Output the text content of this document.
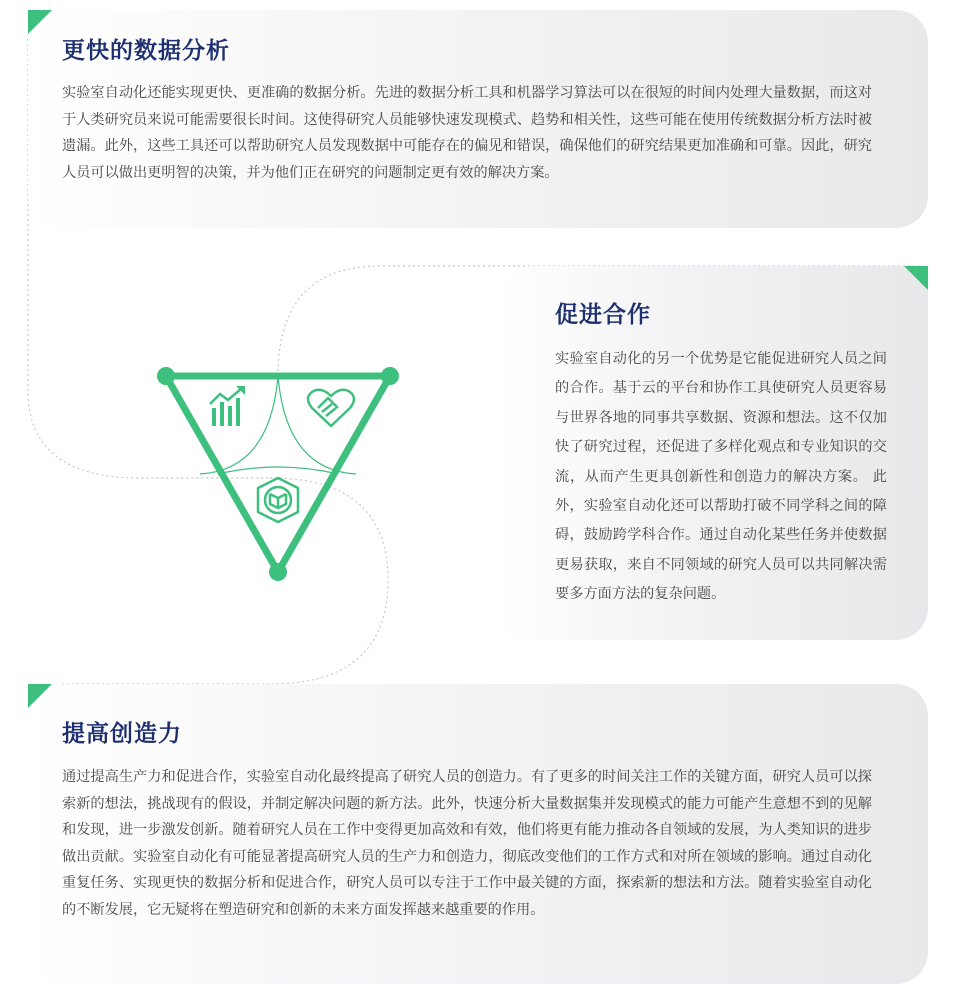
更快的数据分析

实验室自动化还能实现更快、更准确的数据分析。先进的数据分析工具和机器学习算法可以在很短的时间内处理大量数据，而这对于人类研究员来说可能需要很长时间。这使得研究人员能够快速发现模式、趋势和相关性，这些可能在使用传统数据分析方法时被遗漏。此外，这些工具还可以帮助研究人员发现数据中可能存在的偏见和错误，确保他们的研究结果更加准确和可靠。因此，研究人员可以做出更明智的决策，并为他们正在研究的问题制定更有效的解决方案。

促进合作

实验室自动化的另一个优势是它能促进研究人员之间的合作。基于云的平台和协作工具使研究人员更容易与世界各地的同事共享数据、资源和想法。这不仅加快了研究过程，还促进了多样化观点和专业知识的交流，从而产生更具创新性和创造力的解决方案。 此外，实验室自动化还可以帮助打破不同学科之间的障碍，鼓励跨学科合作。通过自动化某些任务并使数据更易获取，来自不同领域的研究人员可以共同解决需要多方面方法的复杂问题。

提高创造力

通过提高生产力和促进合作，实验室自动化最终提高了研究人员的创造力。有了更多的时间关注工作的关键方面，研究人员可以探索新的想法，挑战现有的假设，并制定解决问题的新方法。此外，快速分析大量数据集并发现模式的能力可能产生意想不到的见解和发现，进一步激发创新。随着研究人员在工作中变得更加高效和有效，他们将更有能力推动各自领域的发展，为人类知识的进步做出贡献。实验室自动化有可能显著提高研究人员的生产力和创造力，彻底改变他们的工作方式和对所在领域的影响。通过自动化重复任务、实现更快的数据分析和促进合作，研究人员可以专注于工作中最关键的方面，探索新的想法和方法。随着实验室自动化的不断发展，它无疑将在塑造研究和创新的未来方面发挥越来越重要的作用。
